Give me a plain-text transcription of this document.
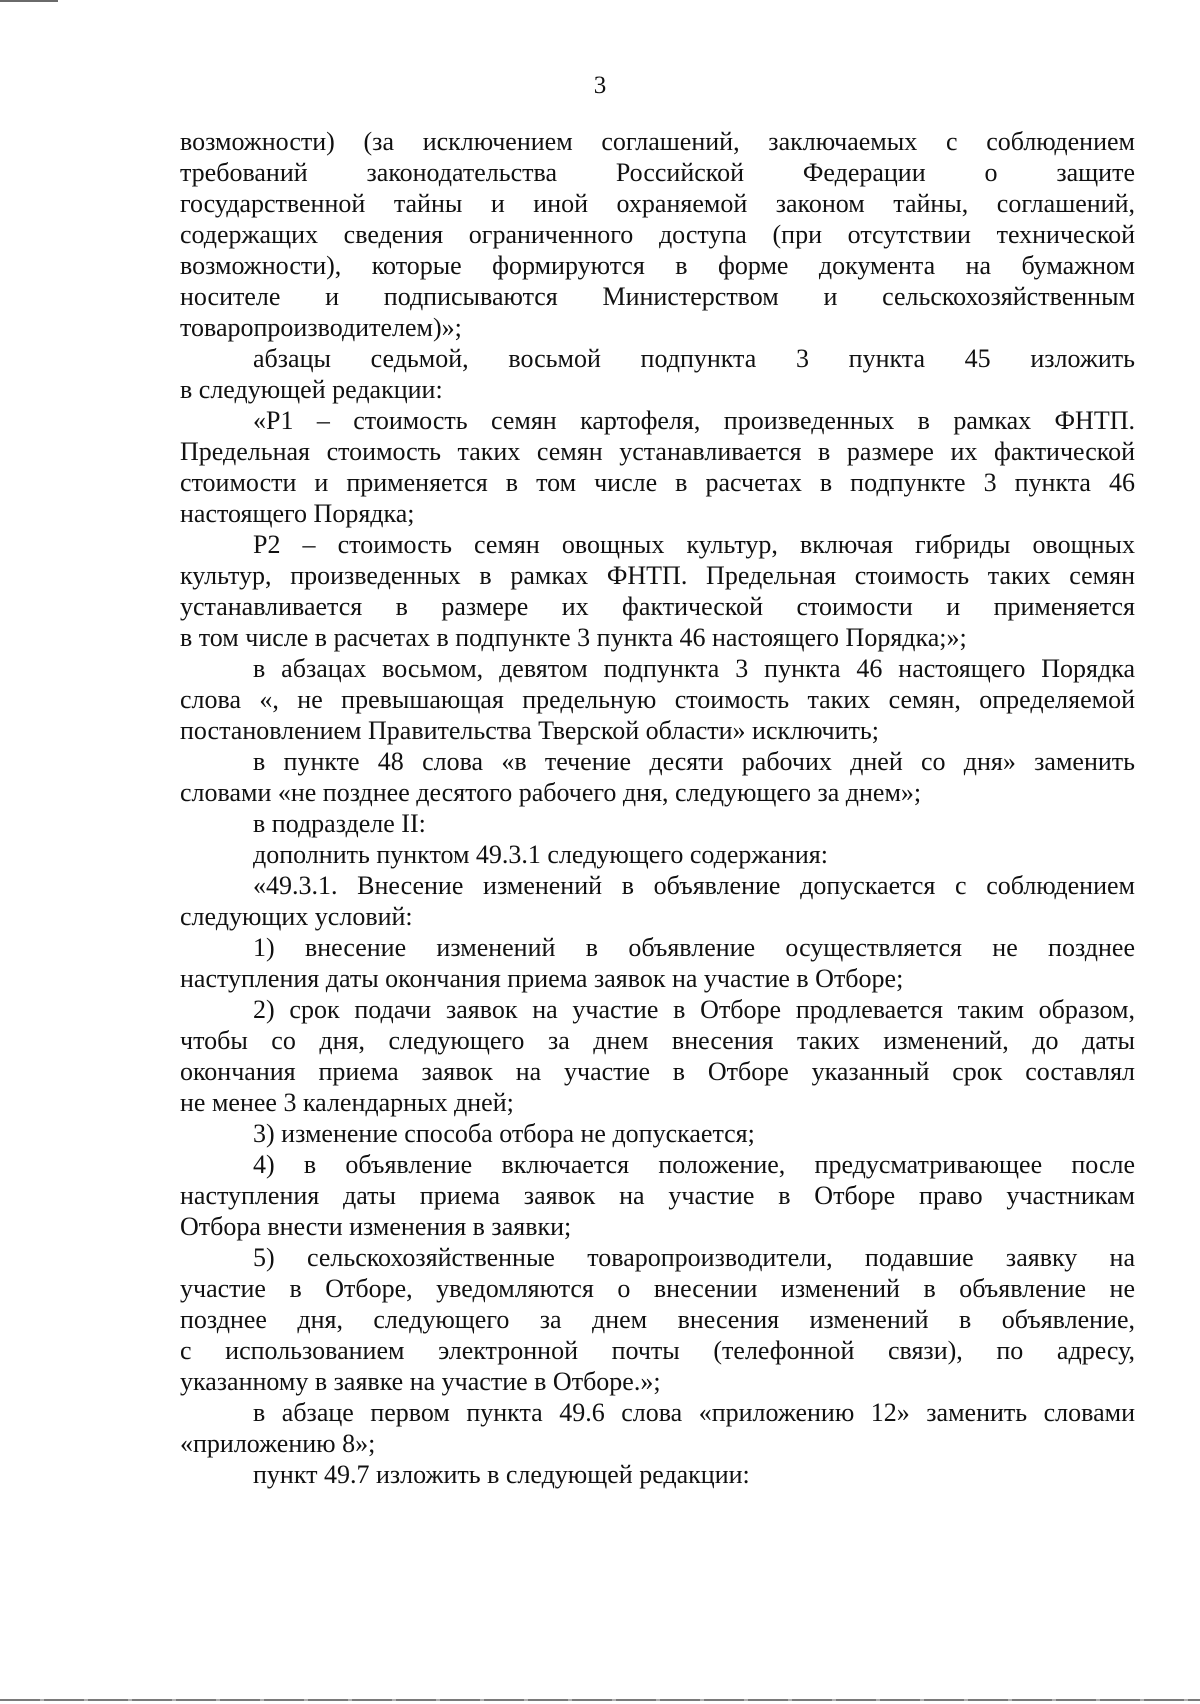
3
возможности) (за исключением соглашений, заключаемых с соблюдением
требований законодательства Российской Федерации о защите
государственной тайны и иной охраняемой законом тайны, соглашений,
содержащих сведения ограниченного доступа (при отсутствии технической
возможности), которые формируются в форме документа на бумажном
носителе и подписываются Министерством и сельскохозяйственным
товаропроизводителем)»;
абзацы седьмой, восьмой подпункта 3 пункта 45 изложить
в следующей редакции:
«Р1 – стоимость семян картофеля, произведенных в рамках ФНТП.
Предельная стоимость таких семян устанавливается в размере их фактической
стоимости и применяется в том числе в расчетах в подпункте 3 пункта 46
настоящего Порядка;
Р2 – стоимость семян овощных культур, включая гибриды овощных
культур, произведенных в рамках ФНТП. Предельная стоимость таких семян
устанавливается в размере их фактической стоимости и применяется
в том числе в расчетах в подпункте 3 пункта 46 настоящего Порядка;»;
в абзацах восьмом, девятом подпункта 3 пункта 46 настоящего Порядка
слова «, не превышающая предельную стоимость таких семян, определяемой
постановлением Правительства Тверской области» исключить;
в пункте 48 слова «в течение десяти рабочих дней со дня» заменить
словами «не позднее десятого рабочего дня, следующего за днем»;
в подразделе II:
дополнить пунктом 49.3.1 следующего содержания:
«49.3.1. Внесение изменений в объявление допускается с соблюдением
следующих условий:
1) внесение изменений в объявление осуществляется не позднее
наступления даты окончания приема заявок на участие в Отборе;
2) срок подачи заявок на участие в Отборе продлевается таким образом,
чтобы со дня, следующего за днем внесения таких изменений, до даты
окончания приема заявок на участие в Отборе указанный срок составлял
не менее 3 календарных дней;
3) изменение способа отбора не допускается;
4) в объявление включается положение, предусматривающее после
наступления даты приема заявок на участие в Отборе право участникам
Отбора внести изменения в заявки;
5) сельскохозяйственные товаропроизводители, подавшие заявку на
участие в Отборе, уведомляются о внесении изменений в объявление не
позднее дня, следующего за днем внесения изменений в объявление,
с использованием электронной почты (телефонной связи), по адресу,
указанному в заявке на участие в Отборе.»;
в абзаце первом пункта 49.6 слова «приложению 12» заменить словами
«приложению 8»;
пункт 49.7 изложить в следующей редакции:
